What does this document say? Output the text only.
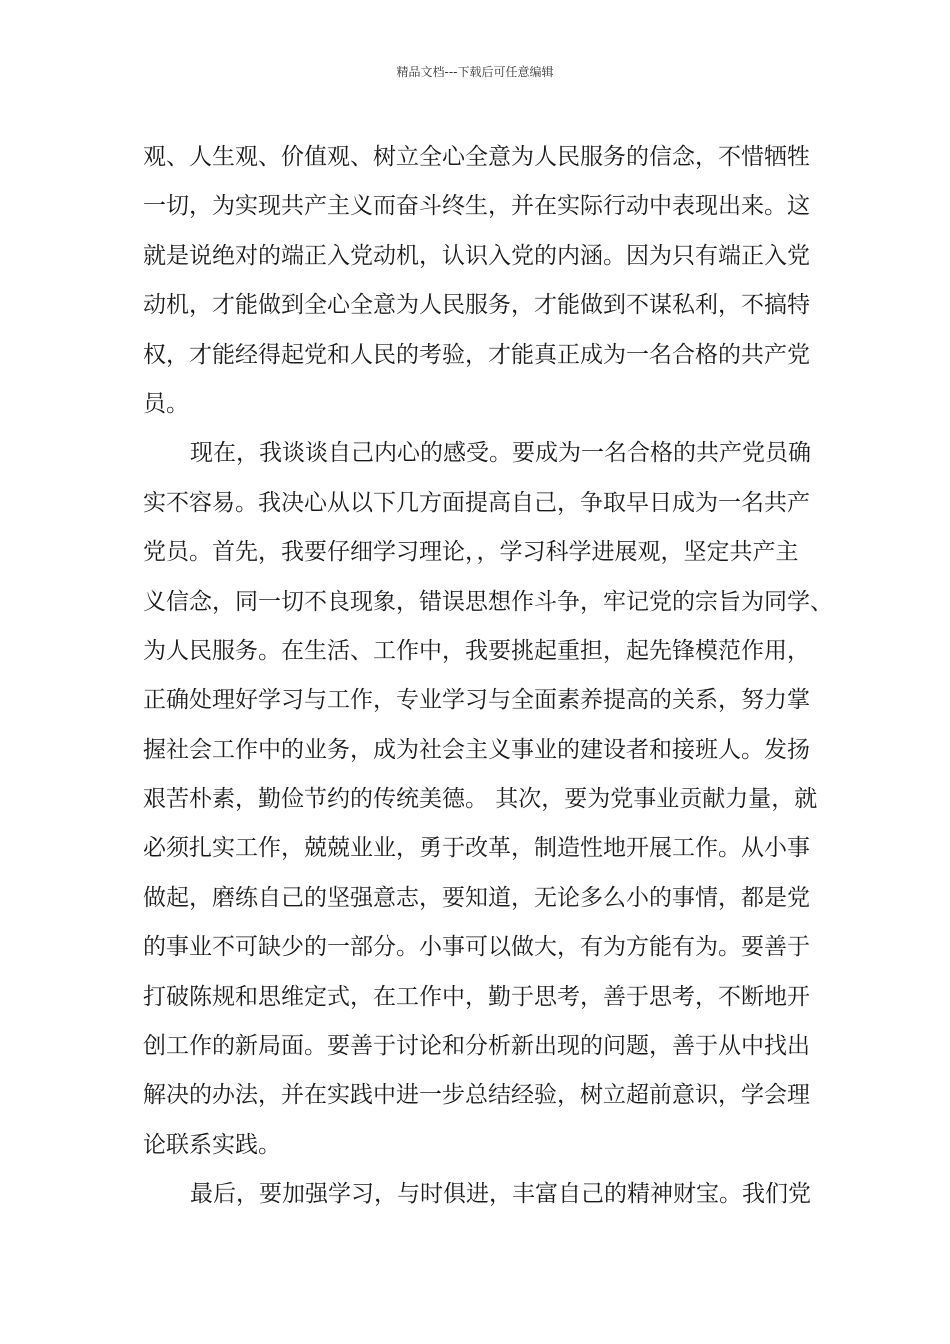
精品文档---下载后可任意编辑
观、人生观、价值观、树立全心全意为人民服务的信念，不惜牺牲
一切，为实现共产主义而奋斗终生，并在实际行动中表现出来。这
就是说绝对的端正入党动机，认识入党的内涵。因为只有端正入党
动机，才能做到全心全意为人民服务，才能做到不谋私利，不搞特
权，才能经得起党和人民的考验，才能真正成为一名合格的共产党
员。
现在，我谈谈自己内心的感受。要成为一名合格的共产党员确
实不容易。我决心从以下几方面提高自己，争取早日成为一名共产
党员。首先，我要仔细学习理论，，学习科学进展观，坚定共产主
义信念，同一切不良现象，错误思想作斗争，牢记党的宗旨为同学、
为人民服务。在生活、工作中，我要挑起重担，起先锋模范作用，
正确处理好学习与工作，专业学习与全面素养提高的关系，努力掌
握社会工作中的业务，成为社会主义事业的建设者和接班人。发扬
艰苦朴素，勤俭节约的传统美德。 其次，要为党事业贡献力量，就
必须扎实工作，兢兢业业，勇于改革，制造性地开展工作。从小事
做起，磨练自己的坚强意志，要知道，无论多么小的事情，都是党
的事业不可缺少的一部分。小事可以做大，有为方能有为。要善于
打破陈规和思维定式，在工作中，勤于思考，善于思考，不断地开
创工作的新局面。要善于讨论和分析新出现的问题，善于从中找出
解决的办法，并在实践中进一步总结经验，树立超前意识，学会理
论联系实践。
最后，要加强学习，与时俱进，丰富自己的精神财宝。我们党
